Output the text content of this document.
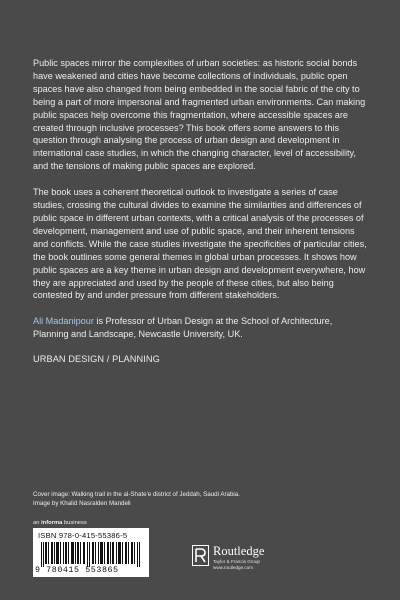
Public spaces mirror the complexities of urban societies: as historic social bonds have weakened and cities have become collections of individuals, public open spaces have also changed from being embedded in the social fabric of the city to being a part of more impersonal and fragmented urban environments. Can making public spaces help overcome this fragmentation, where accessible spaces are created through inclusive processes? This book offers some answers to this question through analysing the process of urban design and development in international case studies, in which the changing character, level of accessibility, and the tensions of making public spaces are explored.

The book uses a coherent theoretical outlook to investigate a series of case studies, crossing the cultural divides to examine the similarities and differences of public space in different urban contexts, with a critical analysis of the processes of development, management and use of public space, and their inherent tensions and conflicts. While the case studies investigate the specificities of particular cities, the book outlines some general themes in global urban processes. It shows how public spaces are a key theme in urban design and development everywhere, how they are appreciated and used by the people of these cities, but also being contested by and under pressure from different stakeholders.

Ali Madanipour is Professor of Urban Design at the School of Architecture, Planning and Landscape, Newcastle University, UK.

URBAN DESIGN / PLANNING

Cover image: Walking trail in the al-Shate'e district of Jeddah, Saudi Arabia.
Image by Khalid Nasralden Mandeli
an informa business
ISBN 978-0-415-55386-5
9 780415 553865
Routledge
Taylor & Francis Group
www.routledge.com
